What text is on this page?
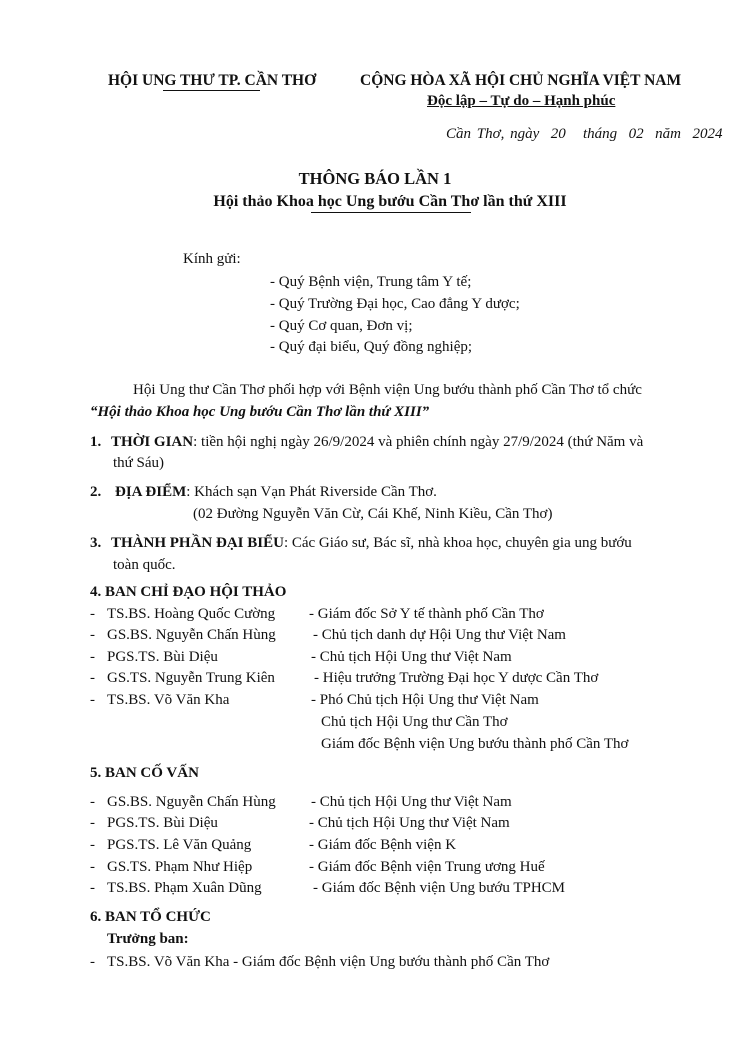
HỘI UNG THƯ TP. CẦN THƠ	CỘNG HÒA XÃ HỘI CHỦ NGHĨA VIỆT NAM
Độc lập – Tự do – Hạnh phúc
Cần Thơ, ngày  20   tháng  02  năm  2024
THÔNG BÁO LẦN 1
Hội thảo Khoa học Ung bướu Cần Thơ lần thứ XIII
Kính gửi:
- Quý Bệnh viện, Trung tâm Y tế;
- Quý Trường Đại học, Cao đẳng Y dược;
- Quý Cơ quan, Đơn vị;
- Quý đại biểu, Quý đồng nghiệp;
Hội Ung thư Cần Thơ phối hợp với Bệnh viện Ung bướu thành phố Cần Thơ tổ chức
“Hội thảo Khoa học Ung bướu Cần Thơ lần thứ XIII”
1. THỜI GIAN: tiền hội nghị ngày 26/9/2024 và phiên chính ngày 27/9/2024 (thứ Năm và
thứ Sáu)
2. ĐỊA ĐIỂM: Khách sạn Vạn Phát Riverside Cần Thơ.
(02 Đường Nguyễn Văn Cừ, Cái Khế, Ninh Kiều, Cần Thơ)
3. THÀNH PHẦN ĐẠI BIỂU: Các Giáo sư, Bác sĩ, nhà khoa học, chuyên gia ung bướu
toàn quốc.
4. BAN CHỈ ĐẠO HỘI THẢO
- TS.BS. Hoàng Quốc Cường - Giám đốc Sở Y tế thành phố Cần Thơ
- GS.BS. Nguyễn Chấn Hùng - Chủ tịch danh dự Hội Ung thư Việt Nam
- PGS.TS. Bùi Diệu	- Chủ tịch Hội Ung thư Việt Nam
- GS.TS. Nguyễn Trung Kiên	- Hiệu trưởng Trường Đại học Y dược Cần Thơ
- TS.BS. Võ Văn Kha	- Phó Chủ tịch Hội Ung thư Việt Nam
Chủ tịch Hội Ung thư Cần Thơ
Giám đốc Bệnh viện Ung bướu thành phố Cần Thơ
5. BAN CỐ VẤN
- GS.BS. Nguyễn Chấn Hùng - Chủ tịch Hội Ung thư Việt Nam
- PGS.TS. Bùi Diệu	- Chủ tịch Hội Ung thư Việt Nam
- PGS.TS. Lê Văn Quảng	- Giám đốc Bệnh viện K
- GS.TS. Phạm Như Hiệp	- Giám đốc Bệnh viện Trung ương Huế
- TS.BS. Phạm Xuân Dũng	- Giám đốc Bệnh viện Ung bướu TPHCM
6. BAN TỔ CHỨC
Trưởng ban:
- TS.BS. Võ Văn Kha - Giám đốc Bệnh viện Ung bướu thành phố Cần Thơ
